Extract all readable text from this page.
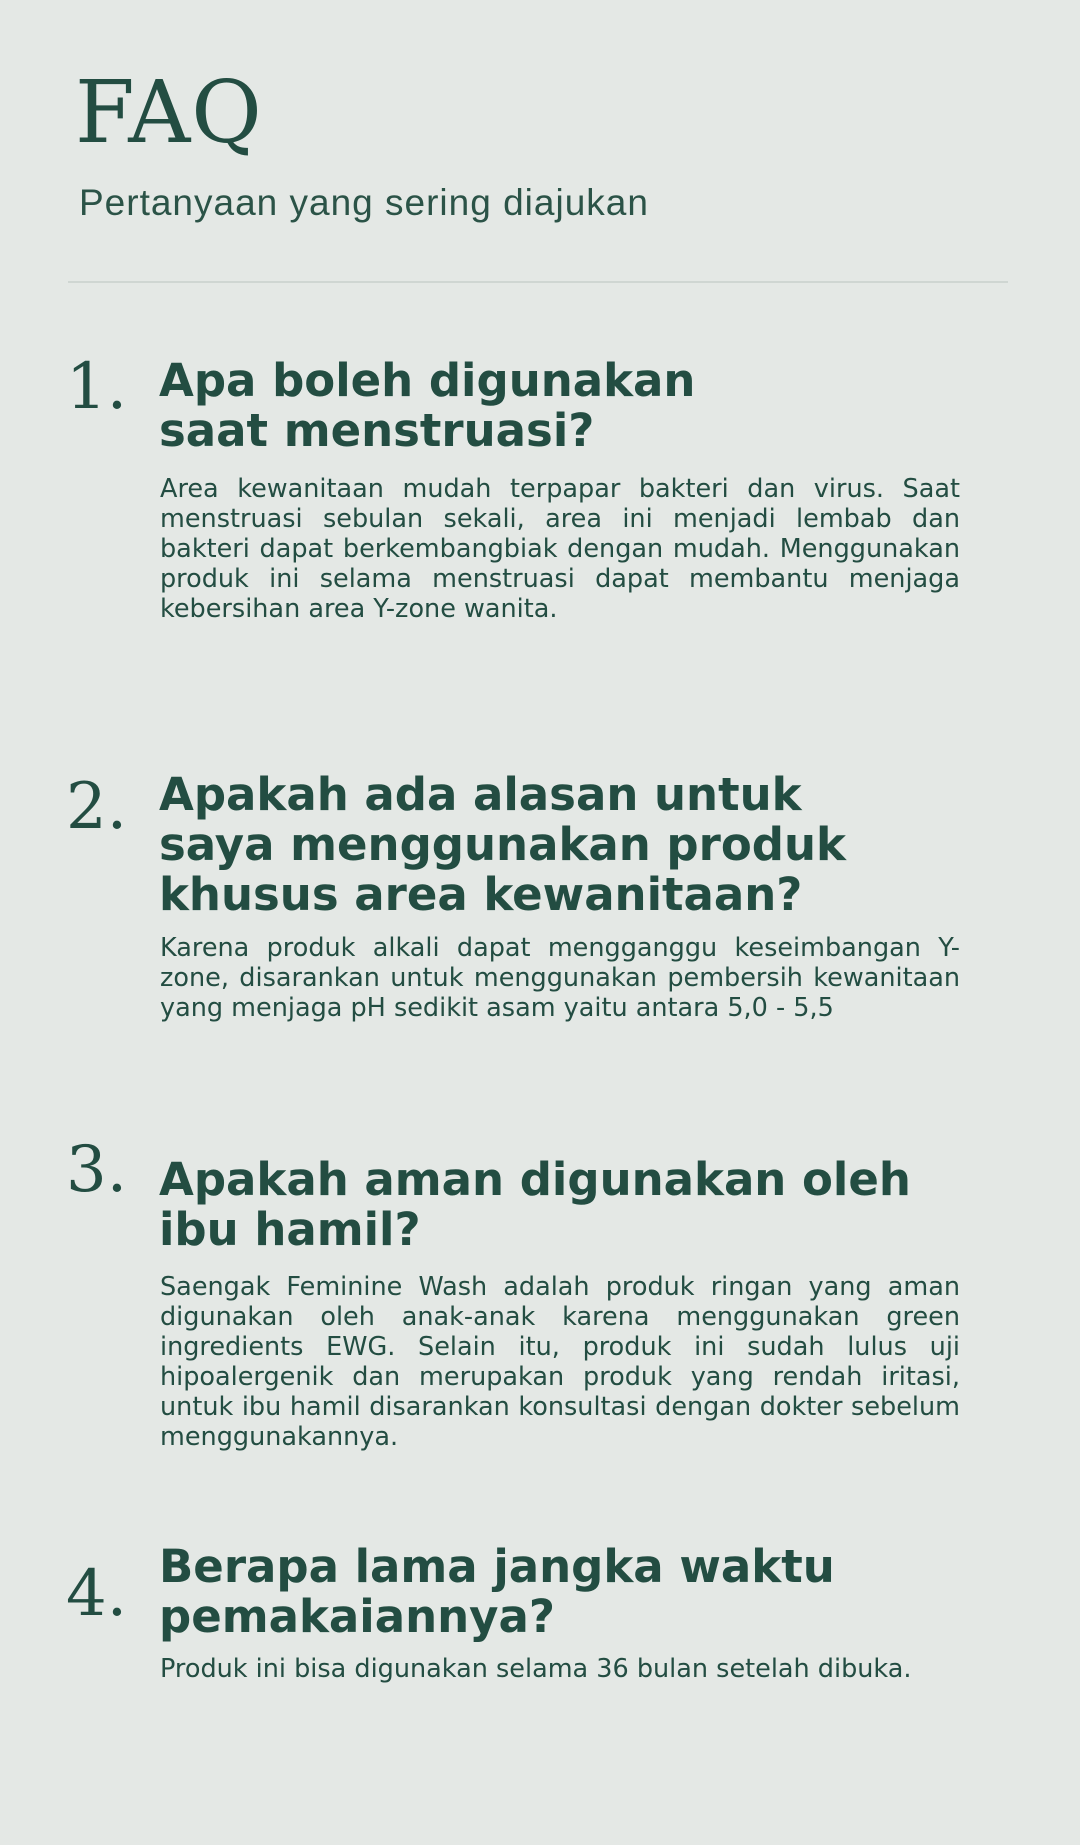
FAQ
Pertanyaan yang sering diajukan
1. Apa boleh digunakan saat menstruasi?

Area kewanitaan mudah terpapar bakteri dan virus. Saat menstruasi sebulan sekali, area ini menjadi lembab dan bakteri dapat berkembangbiak dengan mudah. Menggunakan produk ini selama menstruasi dapat membantu menjaga kebersihan area Y-zone wanita.

2. Apakah ada alasan untuk saya menggunakan produk khusus area kewanitaan?

Karena produk alkali dapat mengganggu keseimbangan Y-zone, disarankan untuk menggunakan pembersih kewanitaan yang menjaga pH sedikit asam yaitu antara 5,0 - 5,5

3. Apakah aman digunakan oleh ibu hamil?

Saengak Feminine Wash adalah produk ringan yang aman digunakan oleh anak-anak karena menggunakan green ingredients EWG. Selain itu, produk ini sudah lulus uji hipoalergenik dan merupakan produk yang rendah iritasi, untuk ibu hamil disarankan konsultasi dengan dokter sebelum menggunakannya.

4. Berapa lama jangka waktu pemakaiannya?

Produk ini bisa digunakan selama 36 bulan setelah dibuka.
